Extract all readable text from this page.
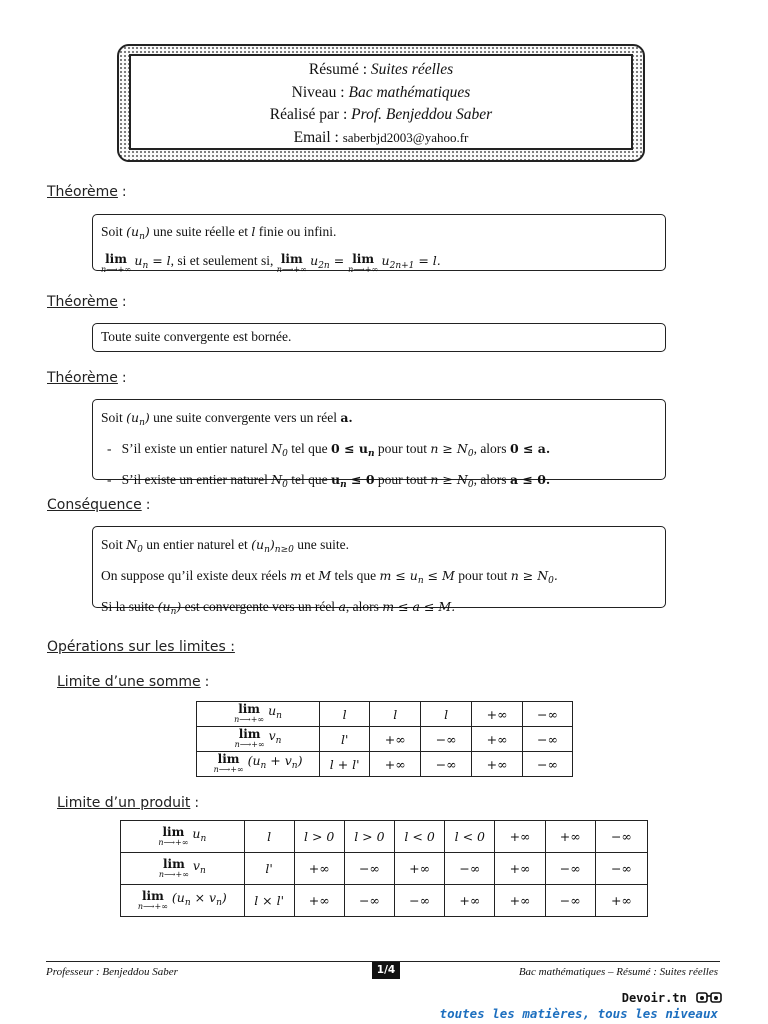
Résumé : Suites réelles
Niveau : Bac mathématiques
Réalisé par : Prof. Benjeddou Saber
Email : saberbjd2003@yahoo.fr
Théorème :
Soit $(u_n)$ une suite réelle et l finie ou infini.
lim
n⟶+∞
$u_n = l$, si et seulement si, lim
n⟶+∞
$u_{2n} = \lim$
n⟶+∞
$u_{2n+1} = l$.
Théorème :
Toute suite convergente est bornée.
Théorème :
Soit $(u_n)$ une suite convergente vers un réel a.
- S’il existe un entier naturel $N_0$ tel que $0 \le u_n$ pour tout $n \ge N_0$, alors 0 ≤ a.
- S’il existe un entier naturel $N_0$ tel que $u_n \le 0$ pour tout $n \ge N_0$, alors a ≤ 0.
Conséquence :
Soit $N_0$ un entier naturel et $(u_n)_{n\ge 0}$ une suite.
On suppose qu’il existe deux réels m et M tels que $m \le u_n \le M$ pour tout $n \ge N_0$.
Si la suite $(u_n)$ est convergente vers un réel a, alors m ≤ a ≤ M.
Opérations sur les limites :
Limite d’une somme :
lim
n⟶+∞
$u_n$	l	l	l	+∞	−∞

lim
n⟶+∞
$v_n$	l'	+∞	−∞	+∞	−∞

lim
n⟶+∞
$(u_n + v_n)$	l + l'	+∞	−∞	+∞	−∞
Limite d’un produit :
lim
n⟶+∞
$u_n$	l	l > 0	l > 0	l < 0	l < 0	+∞	+∞	−∞

lim
n⟶+∞
$v_n$	l'	+∞	−∞	+∞	−∞	+∞	−∞	−∞

lim
n⟶+∞
$(u_n \times v_n)$	l × l'	+∞	−∞	−∞	+∞	+∞	−∞	+∞
Professeur : Benjeddou Saber	1/4	Bac mathématiques – Résumé : Suites réelles
Devoir.tn
toutes les matières, tous les niveaux
